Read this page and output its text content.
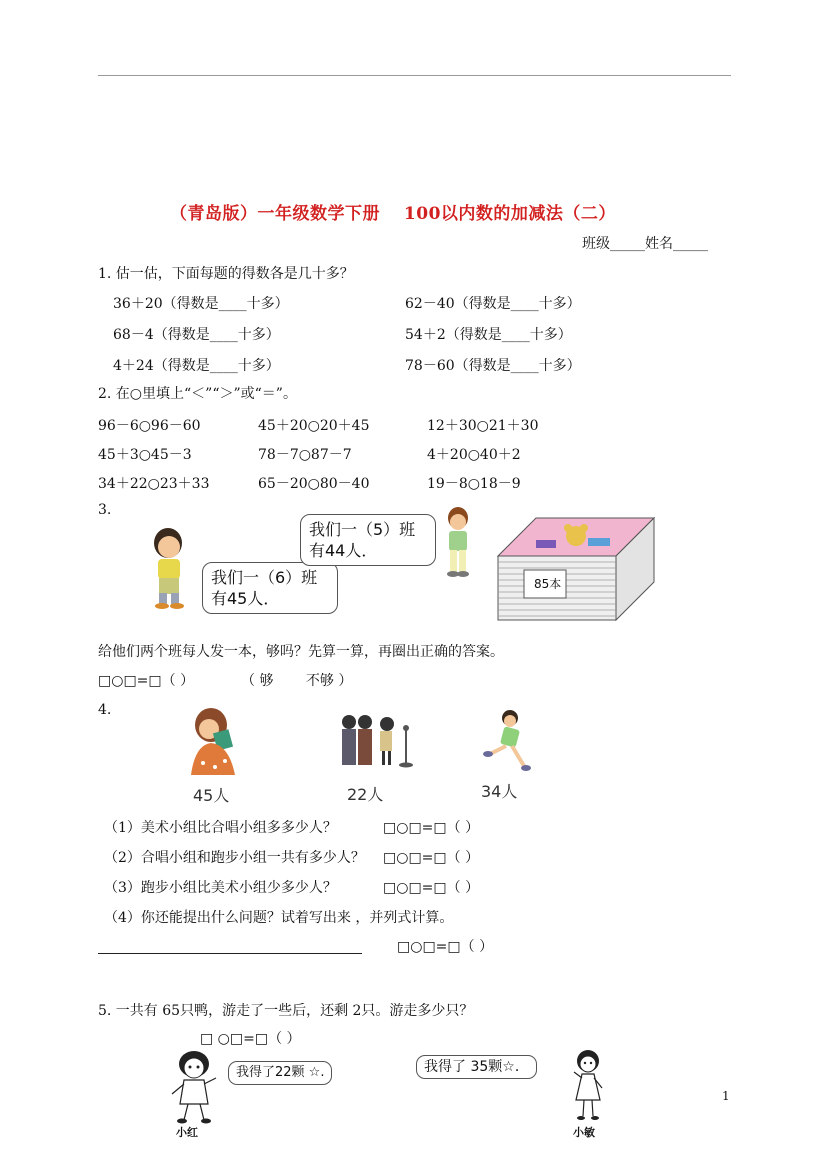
（青岛版）一年级数学下册　 100以内数的加减法（二）
班级_____姓名_____
1. 估一估，下面每题的得数各是几十多？
36＋20（得数是____十多）	62－40（得数是____十多）
68－4（得数是____十多）	54＋2（得数是____十多）
4＋24（得数是____十多）	78－60（得数是____十多）
2. 在○里填上“＜”“＞”或“＝”。
96－6○96－60	45＋20○20＋45	12＋30○21＋30
45＋3○45－3	78－7○87－7	4＋20○40＋2
34＋22○23＋33	65－20○80－40	19－8○18－9
3.
我们一（6）班
有45人．
我们一（5）班
有44人．
85本
给他们两个班每人发一本，够吗？先算一算，再圈出正确的答案。
□○□=□（ ）	（ 够　　 不够 ）
4.
45人	22人	34人
（1）美术小组比合唱小组多多少人？	□○□=□（ ）
（2）合唱小组和跑步小组一共有多少人？ □○□=□（ ）
（3）跑步小组比美术小组少多少人？	□○□=□（ ）
（4）你还能提出什么问题？试着写出来 ，并列式计算。
□○□=□（ ）
5. 一共有 65只鸭，游走了一些后，还剩 2只。游走多少只？
□ ○□=□（ ）
我得了22颗 ☆.
小红
我得了 35颗☆．
小敏
1
